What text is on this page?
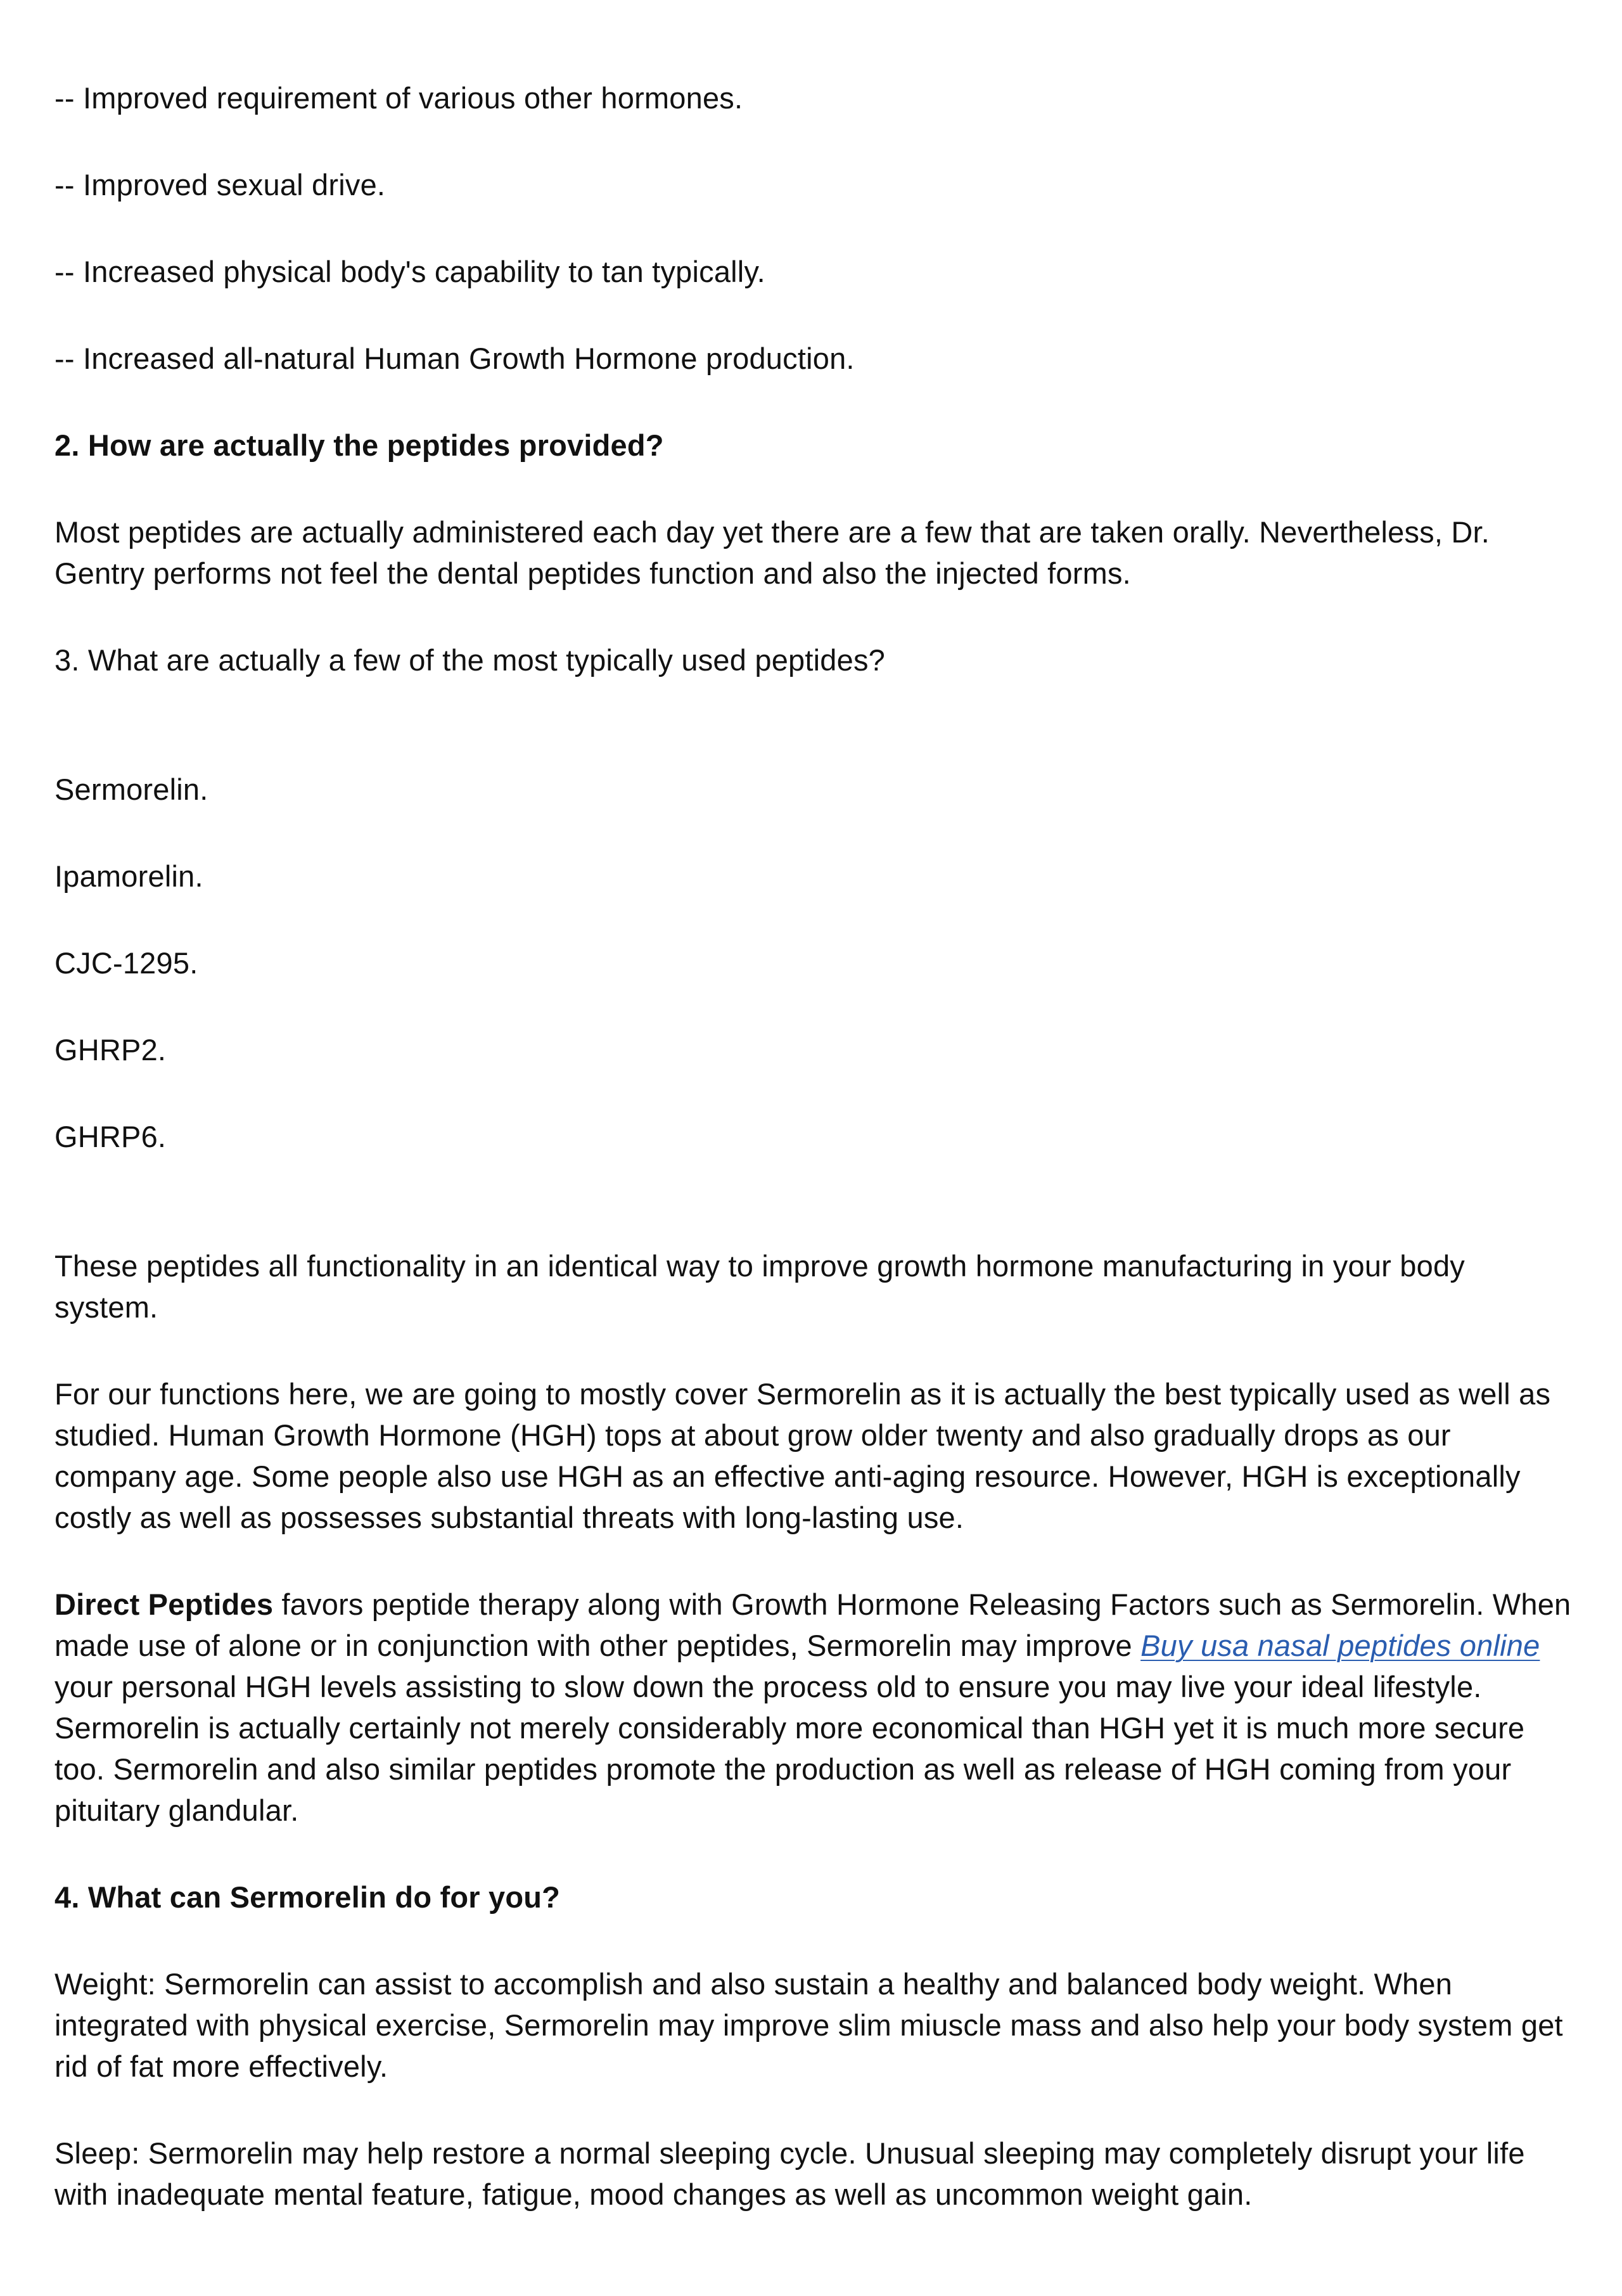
-- Improved requirement of various other hormones.

-- Improved sexual drive.

-- Increased physical body's capability to tan typically.

-- Increased all-natural Human Growth Hormone production.

2. How are actually the peptides provided?

Most peptides are actually administered each day yet there are a few that are taken orally. Nevertheless, Dr. Gentry performs not feel the dental peptides function and also the injected forms.

3. What are actually a few of the most typically used peptides?

Sermorelin.

Ipamorelin.

CJC-1295.

GHRP2.

GHRP6.

These peptides all functionality in an identical way to improve growth hormone manufacturing in your body system.

For our functions here, we are going to mostly cover Sermorelin as it is actually the best typically used as well as studied. Human Growth Hormone (HGH) tops at about grow older twenty and also gradually drops as our company age. Some people also use HGH as an effective anti-aging resource. However, HGH is exceptionally costly as well as possesses substantial threats with long-lasting use.

Direct Peptides favors peptide therapy along with Growth Hormone Releasing Factors such as Sermorelin. When made use of alone or in conjunction with other peptides, Sermorelin may improve Buy usa nasal peptides online your personal HGH levels assisting to slow down the process old to ensure you may live your ideal lifestyle. Sermorelin is actually certainly not merely considerably more economical than HGH yet it is much more secure too. Sermorelin and also similar peptides promote the production as well as release of HGH coming from your pituitary glandular.

4. What can Sermorelin do for you?

Weight: Sermorelin can assist to accomplish and also sustain a healthy and balanced body weight. When integrated with physical exercise, Sermorelin may improve slim miuscle mass and also help your body system get rid of fat more effectively.

Sleep: Sermorelin may help restore a normal sleeping cycle. Unusual sleeping may completely disrupt your life with inadequate mental feature, fatigue, mood changes as well as uncommon weight gain.
